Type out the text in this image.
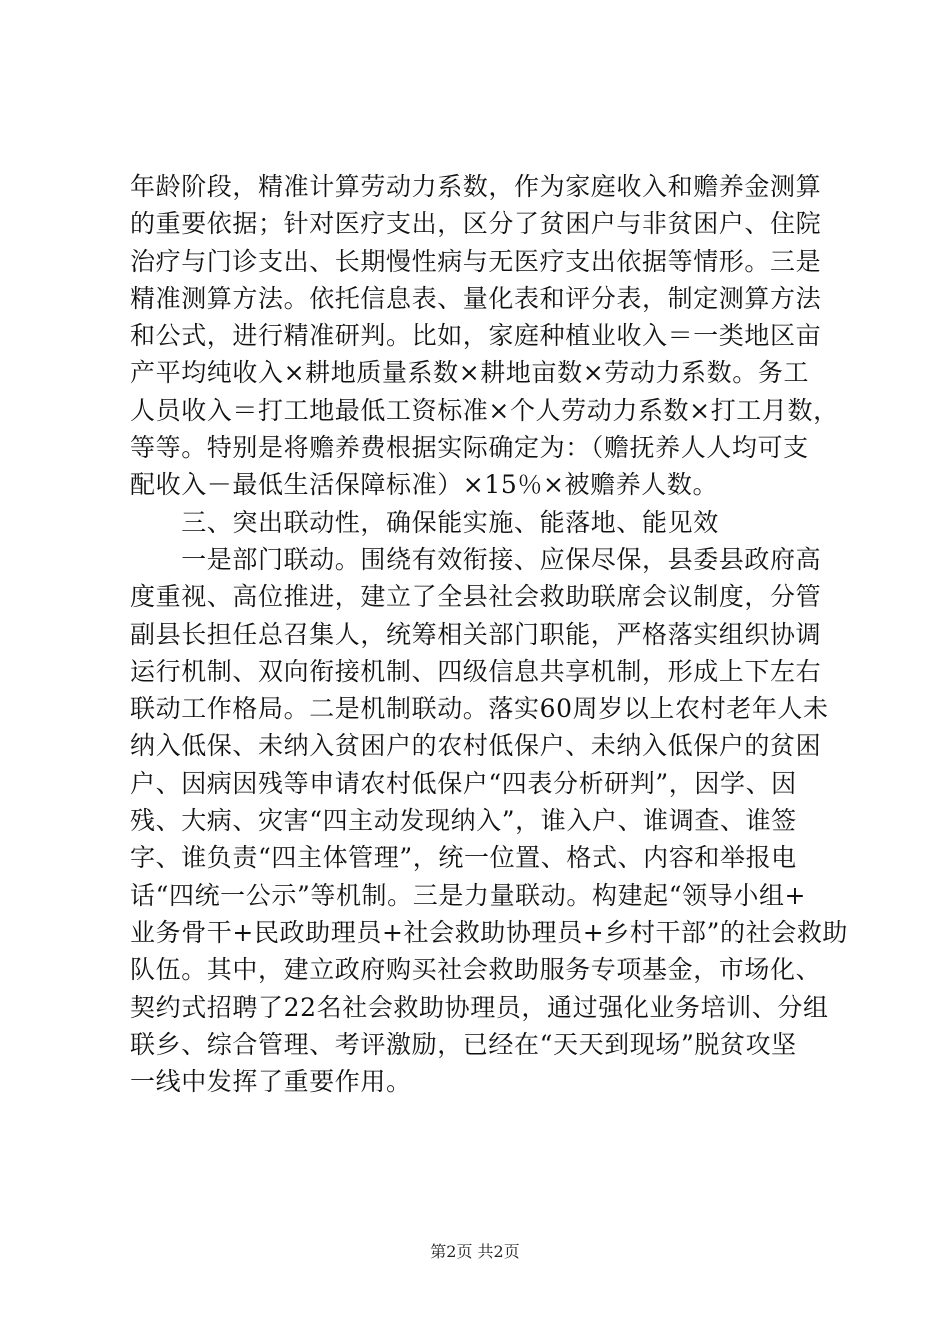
年龄阶段，精准计算劳动力系数，作为家庭收入和赡养金测算
的重要依据；针对医疗支出，区分了贫困户与非贫困户、住院
治疗与门诊支出、长期慢性病与无医疗支出依据等情形。三是
精准测算方法。依托信息表、量化表和评分表，制定测算方法
和公式，进行精准研判。比如，家庭种植业收入＝一类地区亩
产平均纯收入×耕地质量系数×耕地亩数×劳动力系数。务工
人员收入＝打工地最低工资标准×个人劳动力系数×打工月数，
等等。特别是将赡养费根据实际确定为：（赡抚养人人均可支
配收入－最低生活保障标准）×15％×被赡养人数。
　　三、突出联动性，确保能实施、能落地、能见效
　　一是部门联动。围绕有效衔接、应保尽保，县委县政府高
度重视、高位推进，建立了全县社会救助联席会议制度，分管
副县长担任总召集人，统筹相关部门职能，严格落实组织协调
运行机制、双向衔接机制、四级信息共享机制，形成上下左右
联动工作格局。二是机制联动。落实60周岁以上农村老年人未
纳入低保、未纳入贫困户的农村低保户、未纳入低保户的贫困
户、因病因残等申请农村低保户“四表分析研判”，因学、因
残、大病、灾害“四主动发现纳入”，谁入户、谁调查、谁签
字、谁负责“四主体管理”，统一位置、格式、内容和举报电
话“四统一公示”等机制。三是力量联动。构建起“领导小组+
业务骨干+民政助理员+社会救助协理员+乡村干部”的社会救助
队伍。其中，建立政府购买社会救助服务专项基金，市场化、
契约式招聘了22名社会救助协理员，通过强化业务培训、分组
联乡、综合管理、考评激励，已经在“天天到现场”脱贫攻坚
一线中发挥了重要作用。
第2页 共2页
